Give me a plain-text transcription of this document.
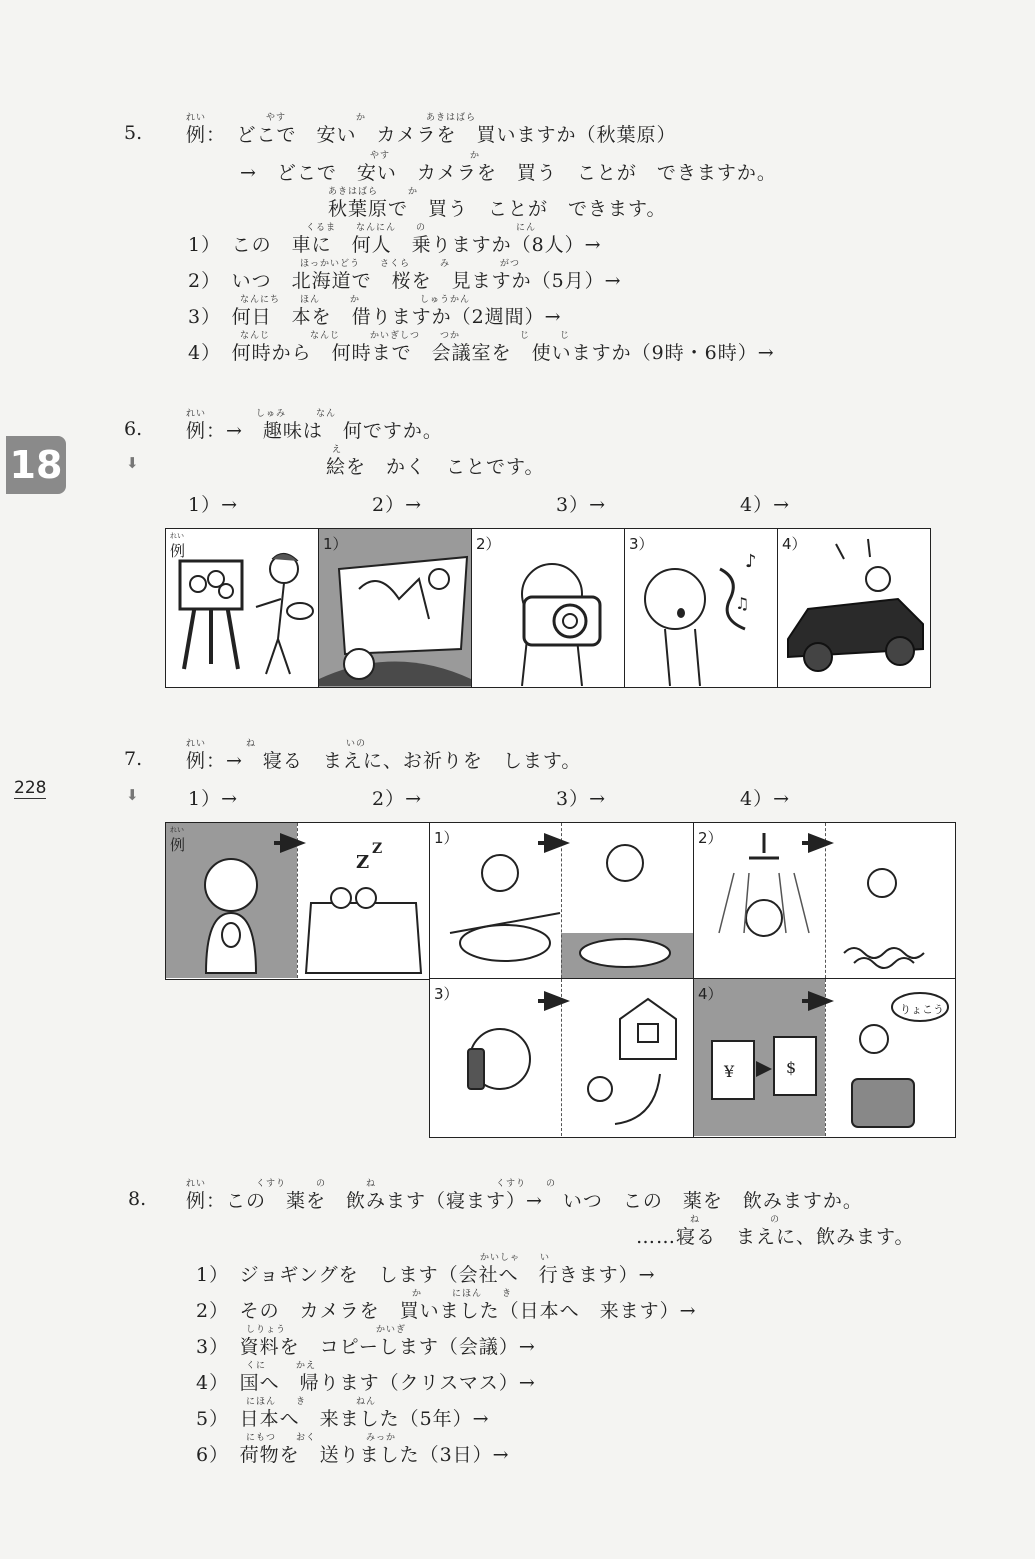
18
228
5.
れい　　　　　　やす　　　　　　　か　　　　　　あきはばら
例：　どこで　安い　カメラを　買いますか（秋葉原）
やす　　　　　　　　か
→　どこで　安い　カメラを　買う　ことが　できますか。
あきはばら　　　か
秋葉原で　買う　ことが　できます。
くるま　　なんにん　　の　　　　　　　　　にん
1）　この　車に　何人　乗りますか（8人）→
ほっかいどう　　さくら　　　み　　　　　がつ
2）　いつ　北海道で　桜を　見ますか（5月）→
なんにち　　ほん　　　か　　　　　　しゅうかん
3）　何日　本を　借りますか（2週間）→
なんじ　　　　なんじ　　　かいぎしつ　　つか　　　　　　じ　　　じ
4）　何時から　何時まで　会議室を　使いますか（9時・6時）→
6.
⬇
れい　　　　　しゅみ　　　なん
例：→　趣味は　何ですか。
え
絵を　かく　ことです。
1）→	2）→	3）→	4）→
れい
例	1）	2）	3）
♪
♫
4）
7.
⬇
れい　　　　ね　　　　　　　　　いの
例：→　寝る　まえに、お祈りを　します。
1）→	2）→	3）→	4）→
れい
例
Z
Z
1）	2）
3）	4）
¥	$
りょこう
8.
れい　　　　　くすり　　　の　　　　ね　　　　　　　　　　　　くすり　　の
例：この　薬を　飲みます（寝ます）→　いつ　この　薬を　飲みますか。
ね　　　　　　　の
……寝る　まえに、飲みます。
かいしゃ　　い
1）　ジョギングを　します（会社へ　行きます）→
か　　　にほん　　き
2）　その　カメラを　買いました（日本へ　来ます）→
しりょう　　　　　　　　　かいぎ
3）　資料を　コピーします（会議）→
くに　　　かえ
4）　国へ　帰ります（クリスマス）→
にほん　　き　　　　　ねん
5）　日本へ　来ました（5年）→
にもつ　　おく　　　　　みっか
6）　荷物を　送りました（3日）→
